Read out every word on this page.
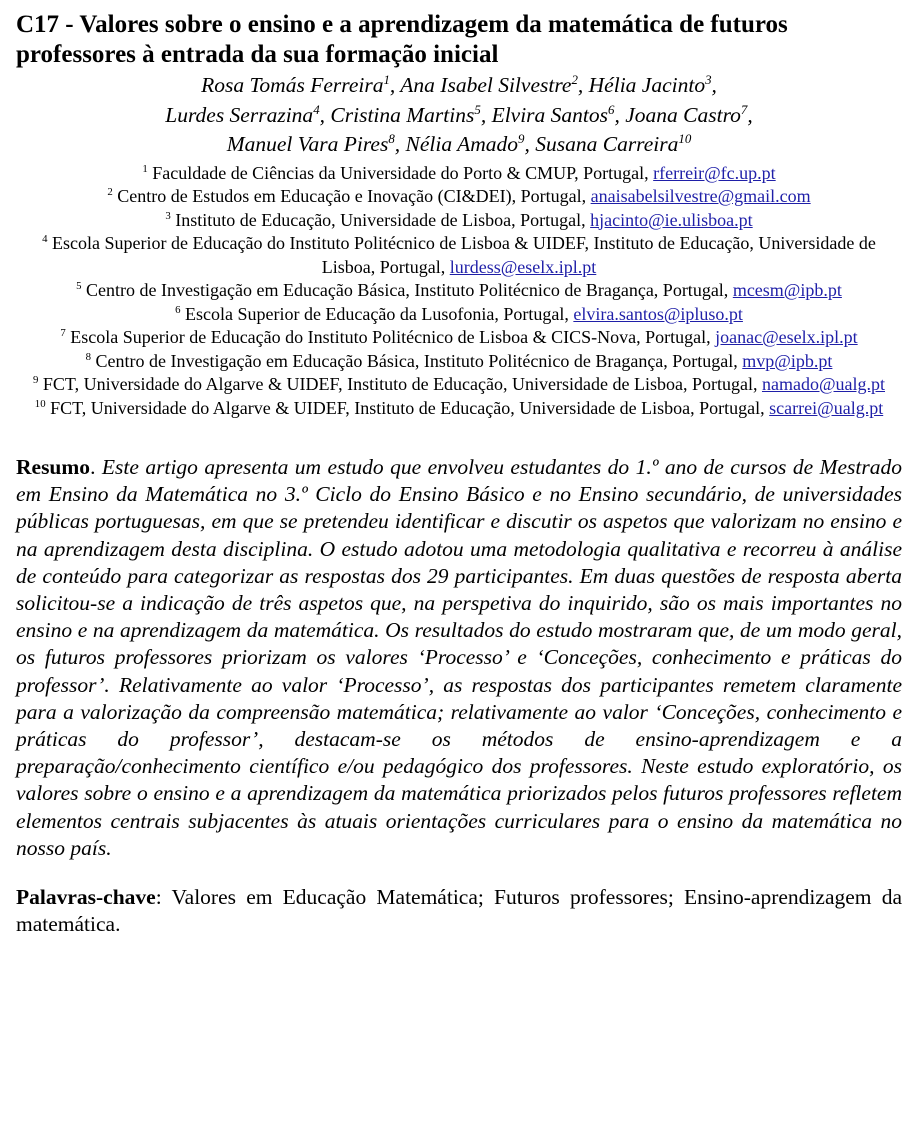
C17 - Valores sobre o ensino e a aprendizagem da matemática de futuros professores à entrada da sua formação inicial
Rosa Tomás Ferreira$^1$, Ana Isabel Silvestre$^2$, Hélia Jacinto$^3$,
Lurdes Serrazina$^4$, Cristina Martins$^5$, Elvira Santos$^6$, Joana Castro$^7$,
Manuel Vara Pires$^8$, Nélia Amado$^9$, Susana Carreira$^{10}$
$^1$ Faculdade de Ciências da Universidade do Porto & CMUP, Portugal, rferreir@fc.up.pt
$^2$ Centro de Estudos em Educação e Inovação (CI&DEI), Portugal, anaisabelsilvestre@gmail.com
$^3$ Instituto de Educação, Universidade de Lisboa, Portugal, hjacinto@ie.ulisboa.pt
$^4$ Escola Superior de Educação do Instituto Politécnico de Lisboa & UIDEF, Instituto de Educação, Universidade de Lisboa, Portugal, lurdess@eselx.ipl.pt
$^5$ Centro de Investigação em Educação Básica, Instituto Politécnico de Bragança, Portugal, mcesm@ipb.pt
$^6$ Escola Superior de Educação da Lusofonia, Portugal, elvira.santos@ipluso.pt
$^7$ Escola Superior de Educação do Instituto Politécnico de Lisboa & CICS-Nova, Portugal, joanac@eselx.ipl.pt
$^8$ Centro de Investigação em Educação Básica, Instituto Politécnico de Bragança, Portugal, mvp@ipb.pt
$^9$ FCT, Universidade do Algarve & UIDEF, Instituto de Educação, Universidade de Lisboa, Portugal, namado@ualg.pt
$^{10}$ FCT, Universidade do Algarve & UIDEF, Instituto de Educação, Universidade de Lisboa, Portugal, scarrei@ualg.pt

Resumo. Este artigo apresenta um estudo que envolveu estudantes do 1.º ano de cursos de Mestrado em Ensino da Matemática no 3.º Ciclo do Ensino Básico e no Ensino secundário, de universidades públicas portuguesas, em que se pretendeu identificar e discutir os aspetos que valorizam no ensino e na aprendizagem desta disciplina. O estudo adotou uma metodologia qualitativa e recorreu à análise de conteúdo para categorizar as respostas dos 29 participantes. Em duas questões de resposta aberta solicitou-se a indicação de três aspetos que, na perspetiva do inquirido, são os mais importantes no ensino e na aprendizagem da matemática. Os resultados do estudo mostraram que, de um modo geral, os futuros professores priorizam os valores ‘Processo’ e ‘Conceções, conhecimento e práticas do professor’. Relativamente ao valor ‘Processo’, as respostas dos participantes remetem claramente para a valorização da compreensão matemática; relativamente ao valor ‘Conceções, conhecimento e práticas do professor’, destacam-se os métodos de ensino-aprendizagem e a preparação/conhecimento científico e/ou pedagógico dos professores. Neste estudo exploratório, os valores sobre o ensino e a aprendizagem da matemática priorizados pelos futuros professores refletem elementos centrais subjacentes às atuais orientações curriculares para o ensino da matemática no nosso país.

Palavras-chave: Valores em Educação Matemática; Futuros professores; Ensino-aprendizagem da matemática.
